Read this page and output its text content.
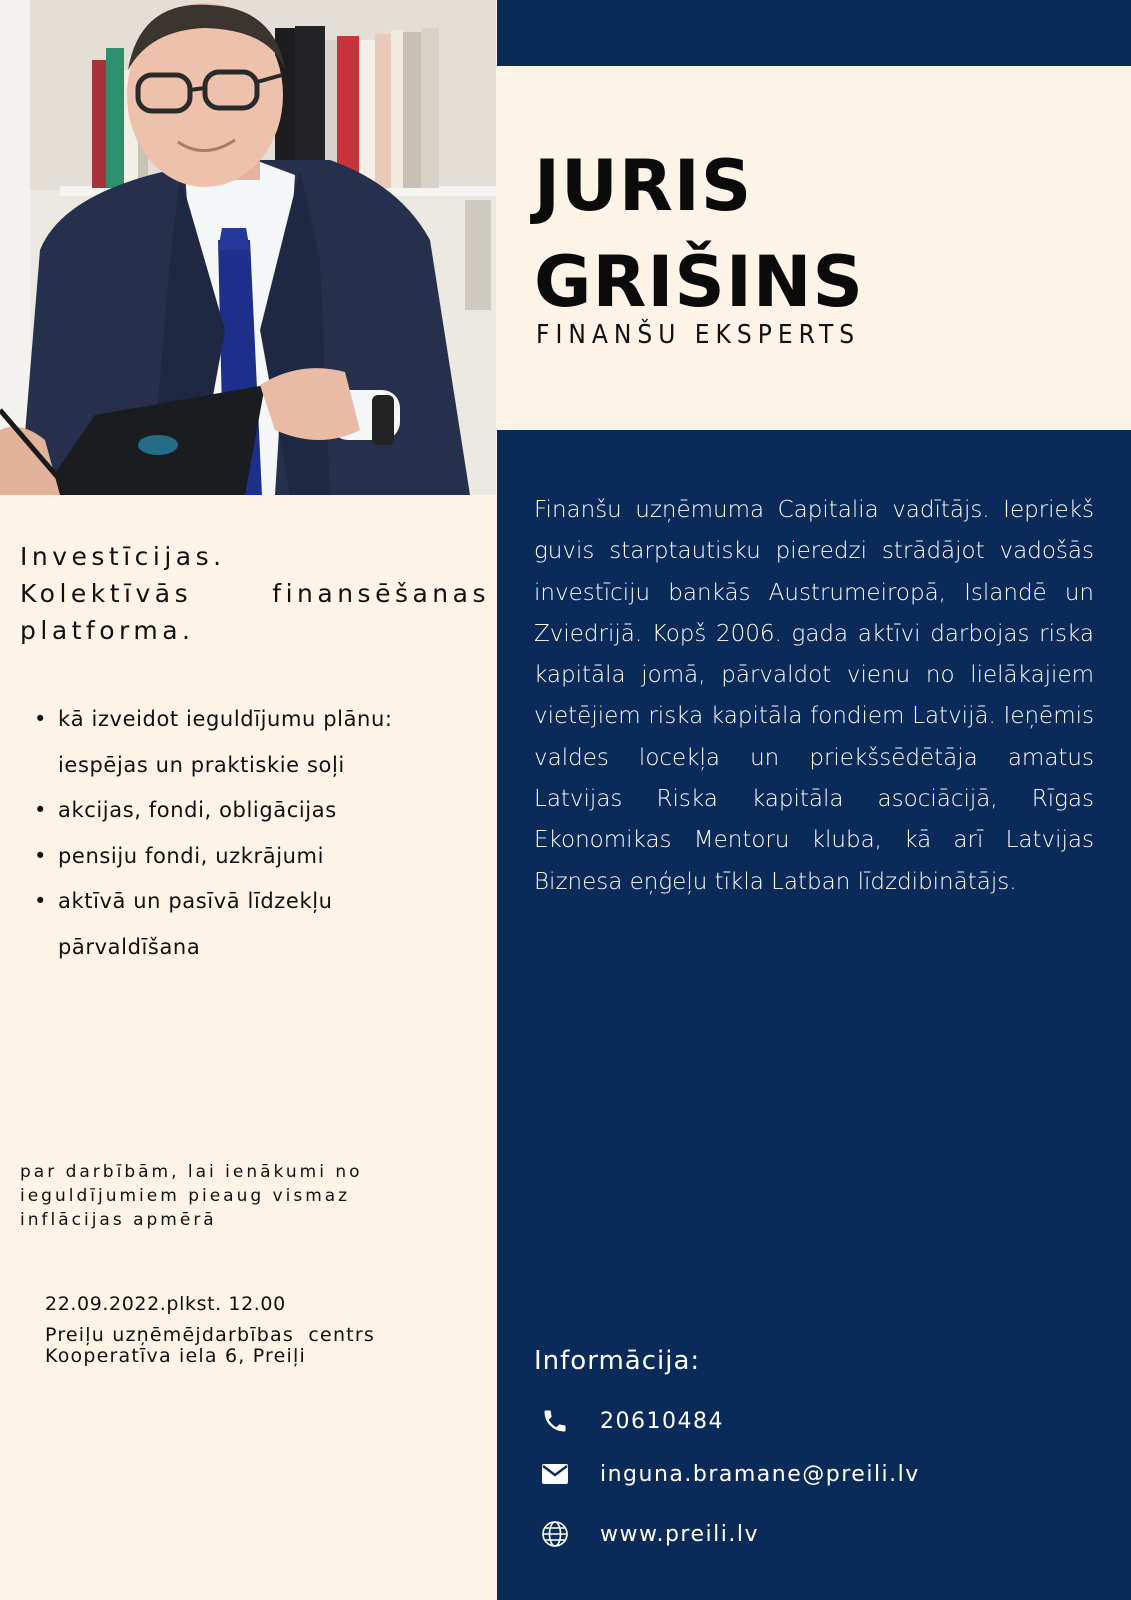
JURIS
GRIŠINS
FINANŠU EKSPERTS
Finanšu uzņēmuma Capitalia vadītājs. Iepriekš guvis starptautisku pieredzi strādājot vadošās investīciju bankās Austrumeiropā, Islandē un Zviedrijā. Kopš 2006. gada aktīvi darbojas riska kapitāla jomā, pārvaldot vienu no lielākajiem vietējiem riska kapitāla fondiem Latvijā. Ieņēmis valdes locekļa un priekšsēdētāja amatus Latvijas Riska kapitāla asociācijā, Rīgas Ekonomikas Mentoru kluba, kā arī Latvijas Biznesa eņģeļu tīkla Latban līdzdibinātājs.
Investīcijas.
Kolektīvās finansēšanas
platforma.
• kā izveidot ieguldījumu plānu: iespējas un praktiskie soļi
• akcijas, fondi, obligācijas
• pensiju fondi, uzkrājumi
• aktīvā un pasīvā līdzekļu pārvaldīšana
par darbībām, lai ienākumi no ieguldījumiem pieaug vismaz inflācijas apmērā
22.09.2022.plkst. 12.00
Preiļu uzņēmējdarbības  centrs
Kooperatīva iela 6, Preiļi	Informācija:
20610484
inguna.bramane@preili.lv
www.preili.lv
